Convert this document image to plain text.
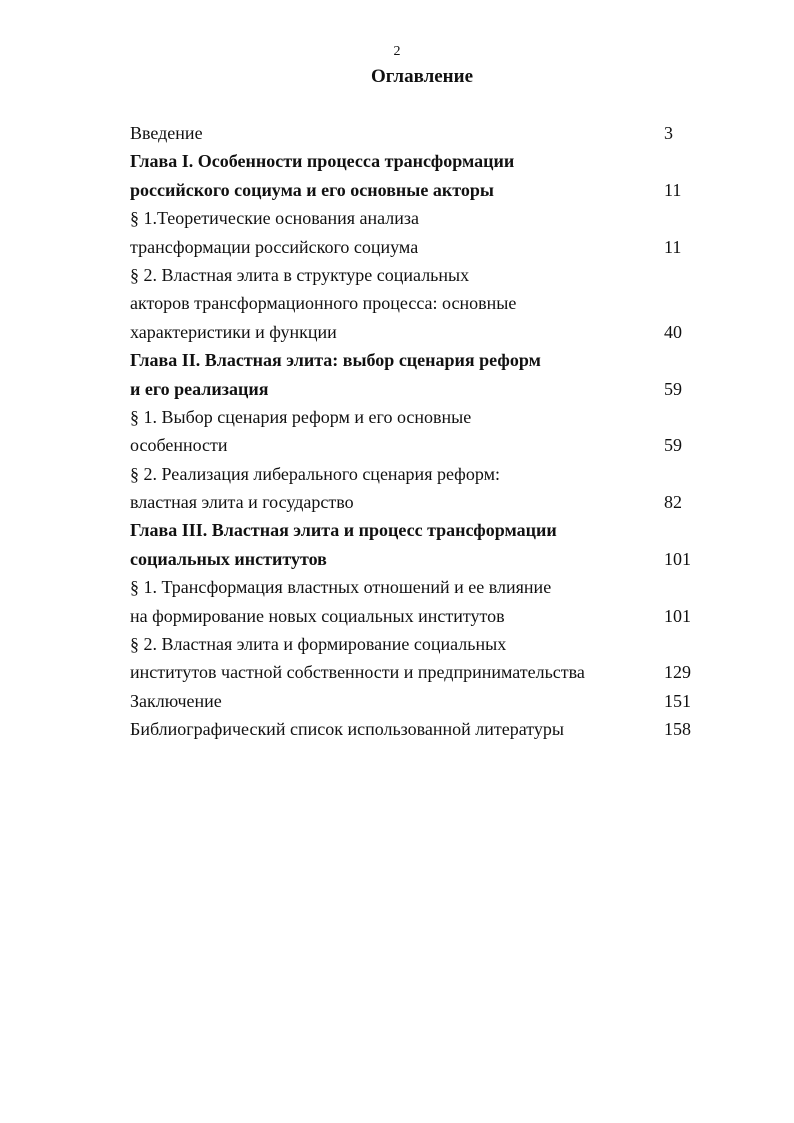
2
Оглавление
Введение	3
Глава I. Особенности процесса трансформации
российского социума и его основные акторы	11
§ 1.Теоретические основания анализа
трансформации российского социума	11
§ 2. Властная элита в структуре социальных
акторов трансформационного процесса: основные
характеристики и функции	40
Глава II. Властная элита: выбор сценария реформ
и его реализация	59
§ 1. Выбор сценария реформ и его основные
особенности	59
§ 2. Реализация либерального сценария реформ:
властная элита и государство	82
Глава III. Властная элита и процесс трансформации
социальных институтов	101
§ 1. Трансформация властных отношений и ее влияние
на формирование новых социальных институтов	101
§ 2. Властная элита и формирование социальных
институтов частной собственности и предпринимательства	129
Заключение	151
Библиографический список использованной литературы	158
